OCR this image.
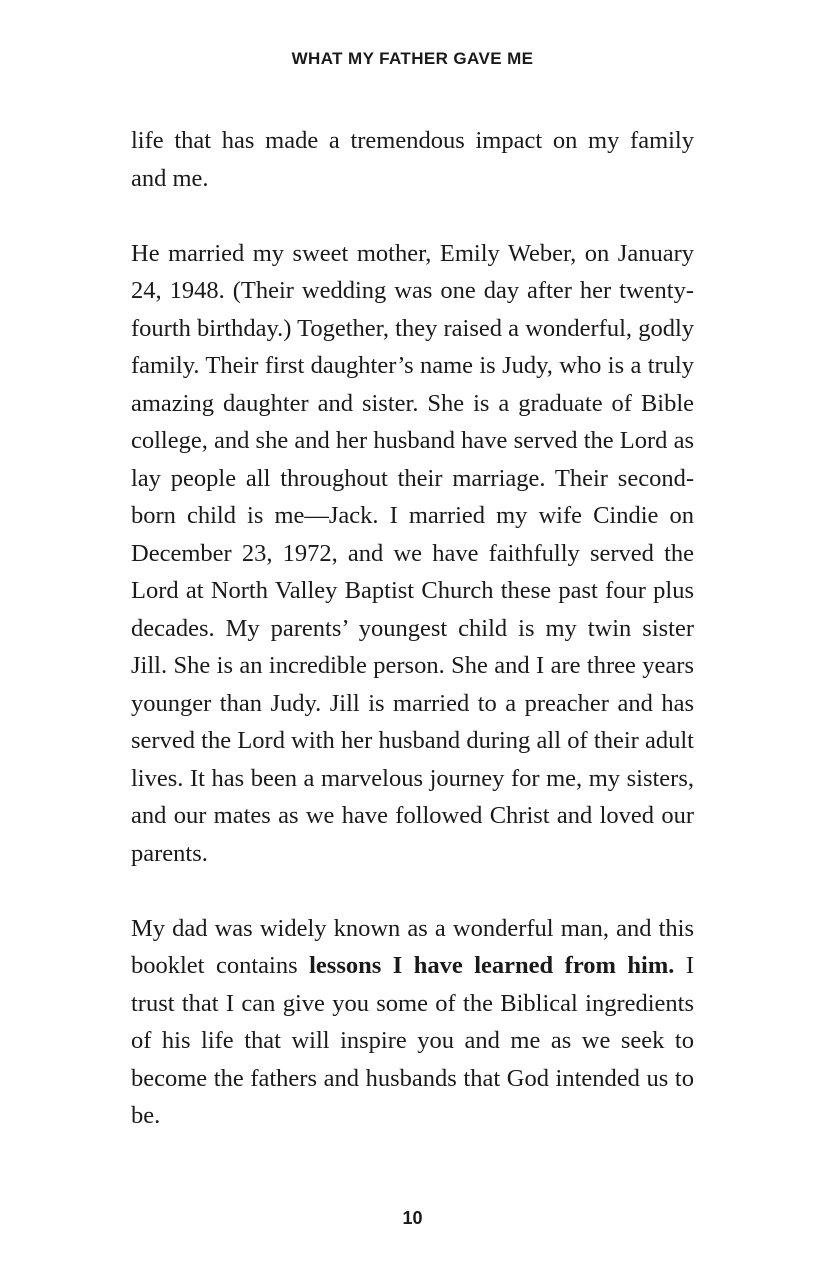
WHAT MY FATHER GAVE ME

life that has made a tremendous impact on my family and me.

He married my sweet mother, Emily Weber, on January 24, 1948. (Their wedding was one day after her twenty-fourth birthday.) Together, they raised a wonderful, godly family. Their first daughter’s name is Judy, who is a truly amazing daughter and sister. She is a graduate of Bible college, and she and her husband have served the Lord as lay people all throughout their marriage. Their second-born child is me—Jack. I married my wife Cindie on December 23, 1972, and we have faithfully served the Lord at North Valley Baptist Church these past four plus decades. My parents’ youngest child is my twin sister Jill. She is an incredible person. She and I are three years younger than Judy. Jill is married to a preacher and has served the Lord with her husband during all of their adult lives. It has been a marvelous journey for me, my sisters, and our mates as we have followed Christ and loved our parents.

My dad was widely known as a wonderful man, and this booklet contains lessons I have learned from him. I trust that I can give you some of the Biblical ingredients of his life that will inspire you and me as we seek to become the fathers and husbands that God intended us to be.

10
